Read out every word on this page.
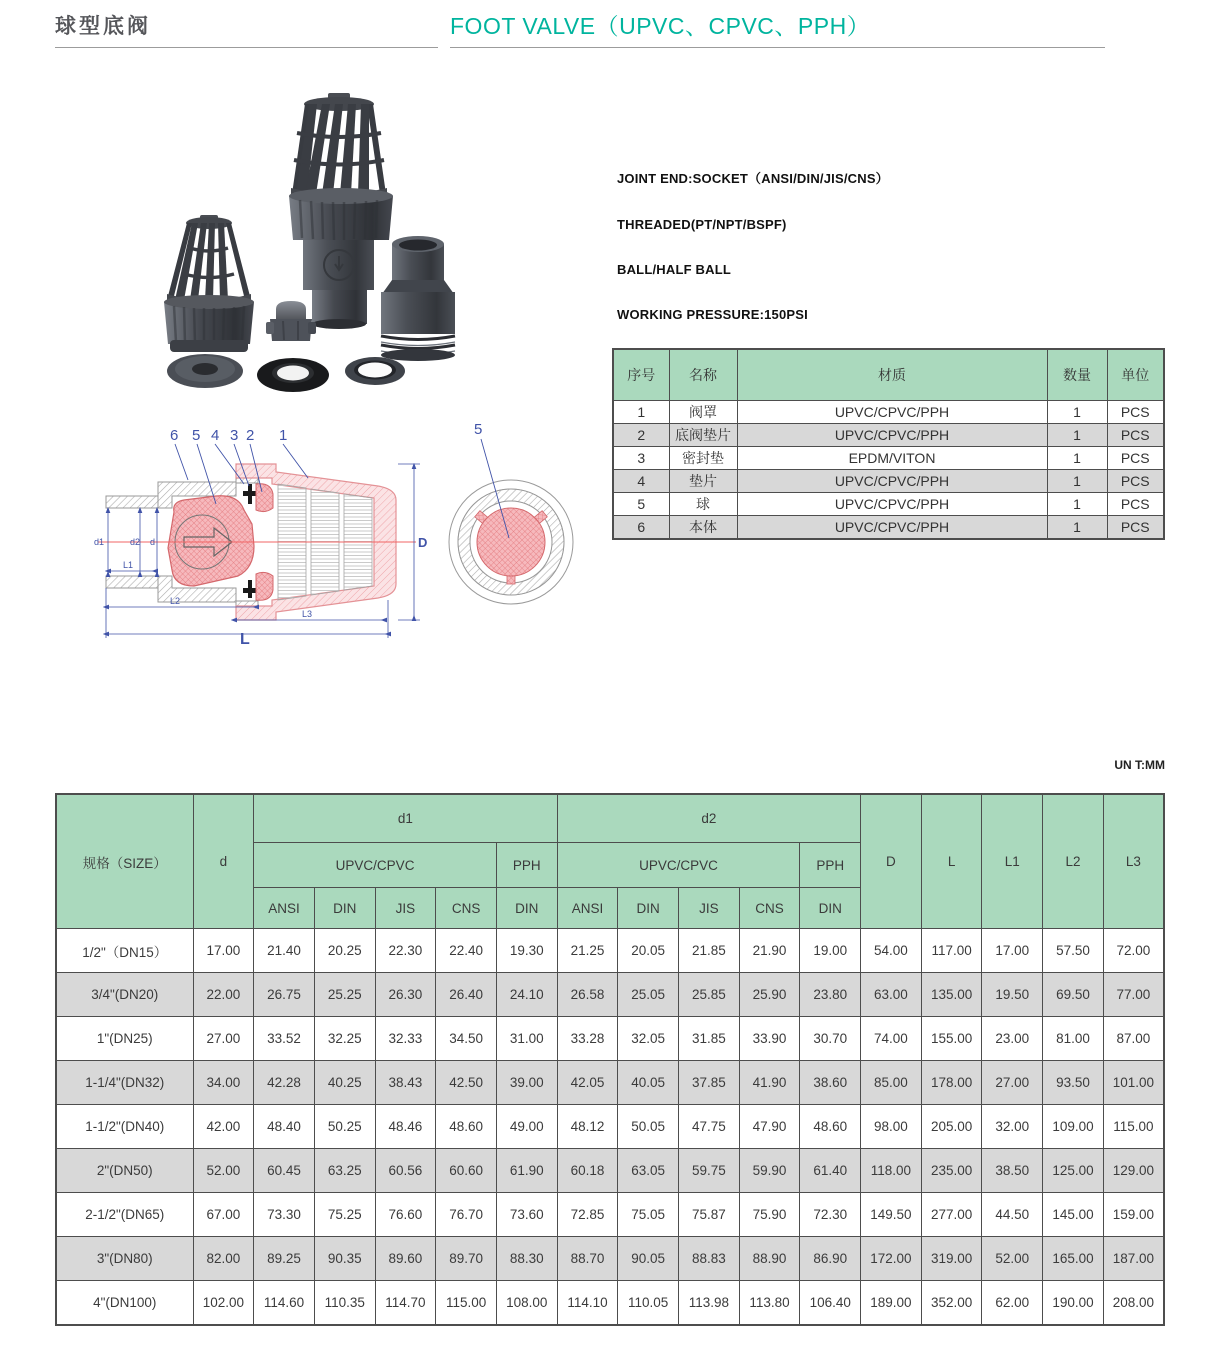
球型底阀	FOOT VALVE（UPVC、CPVC、PPH）
6 5 4 3 2 1
d1	d2 d
L1
L2
L3
L
D
5
JOINT END:SOCKET（ANSI/DIN/JIS/CNS）
THREADED(PT/NPT/BSPF)
BALL/HALF BALL
WORKING PRESSURE:150PSI
序号	名称	材质	数量	单位
1	阀罩	UPVC/CPVC/PPH	1	PCS
2	底阀垫片	UPVC/CPVC/PPH	1	PCS
3	密封垫	EPDM/VITON	1	PCS
4	垫片	UPVC/CPVC/PPH	1	PCS
5	球	UPVC/CPVC/PPH	1	PCS
6	本体	UPVC/CPVC/PPH	1	PCS
UN T:MM
规格（SIZE）	d	d1					d2					D	L	L1	L2	L3
		UPVC/CPVC				PPH	UPVC/CPVC				PPH					
		ANSI	DIN	JIS	CNS	DIN	ANSI	DIN	JIS	CNS	DIN					
1/2"（DN15）	17.00	21.40	20.25	22.30	22.40	19.30	21.25	20.05	21.85	21.90	19.00	54.00	117.00	17.00	57.50	72.00
3/4"(DN20)	22.00	26.75	25.25	26.30	26.40	24.10	26.58	25.05	25.85	25.90	23.80	63.00	135.00	19.50	69.50	77.00
1"(DN25)	27.00	33.52	32.25	32.33	34.50	31.00	33.28	32.05	31.85	33.90	30.70	74.00	155.00	23.00	81.00	87.00
1-1/4"(DN32)	34.00	42.28	40.25	38.43	42.50	39.00	42.05	40.05	37.85	41.90	38.60	85.00	178.00	27.00	93.50	101.00
1-1/2"(DN40)	42.00	48.40	50.25	48.46	48.60	49.00	48.12	50.05	47.75	47.90	48.60	98.00	205.00	32.00	109.00	115.00
2"(DN50)	52.00	60.45	63.25	60.56	60.60	61.90	60.18	63.05	59.75	59.90	61.40	118.00	235.00	38.50	125.00	129.00
2-1/2"(DN65)	67.00	73.30	75.25	76.60	76.70	73.60	72.85	75.05	75.87	75.90	72.30	149.50	277.00	44.50	145.00	159.00
3"(DN80)	82.00	89.25	90.35	89.60	89.70	88.30	88.70	90.05	88.83	88.90	86.90	172.00	319.00	52.00	165.00	187.00
4"(DN100)	102.00	114.60	110.35	114.70	115.00	108.00	114.10	110.05	113.98	113.80	106.40	189.00	352.00	62.00	190.00	208.00
